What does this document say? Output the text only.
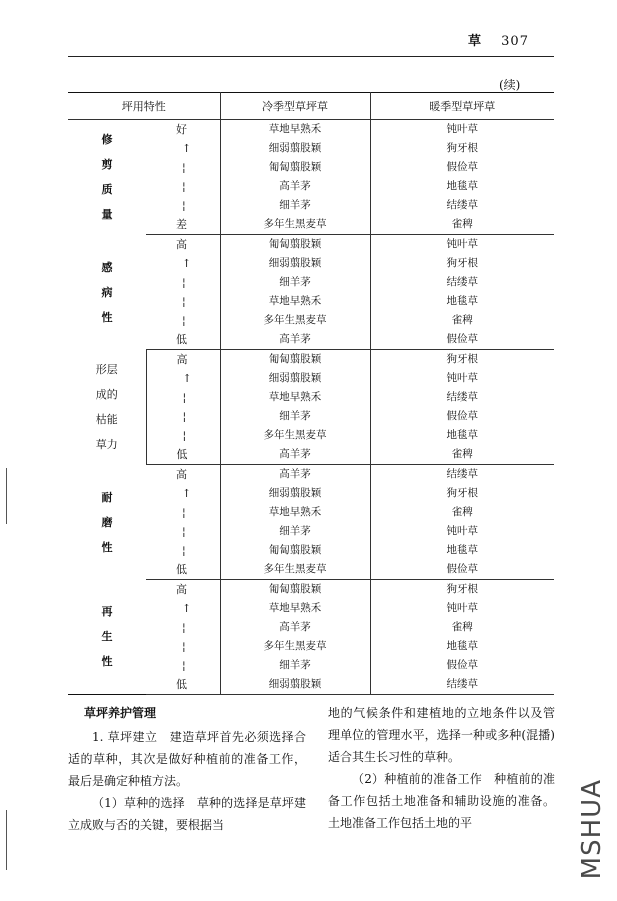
草 307
(续)
坪用特性		冷季型草坪草	暖季型草坪草

修
剪
质
量	好	草地早熟禾	钝叶草
	↑	细弱翦股颖	狗牙根
	¦	匍匐翦股颖	假俭草
	¦	高羊茅	地毯草
	¦	细羊茅	结缕草
	差	多年生黑麦草	雀稗

感
病
性	高	匍匐翦股颖	钝叶草
	↑	细弱翦股颖	狗牙根
	¦	细羊茅	结缕草
	¦	草地早熟禾	地毯草
	¦	多年生黑麦草	雀稗
	低	高羊茅	假俭草

形层
成的
枯能
草力	高	匍匐翦股颖	狗牙根
	↑	细弱翦股颖	钝叶草
	¦	草地早熟禾	结缕草
	¦	细羊茅	假俭草
	¦	多年生黑麦草	地毯草
	低	高羊茅	雀稗

耐
磨
性	高	高羊茅	结缕草
	↑	细弱翦股颖	狗牙根
	¦	草地早熟禾	雀稗
	¦	细羊茅	钝叶草
	¦	匍匐翦股颖	地毯草
	低	多年生黑麦草	假俭草

再
生
性	高	匍匐翦股颖	狗牙根
	↑	草地早熟禾	钝叶草
	¦	高羊茅	雀稗
	¦	多年生黑麦草	地毯草
	¦	细羊茅	假俭草
	低	细弱翦股颖	结缕草
草坪养护管理

1. 草坪建立　建造草坪首先必须选择合适的草种，其次是做好种植前的准备工作，最后是确定种植方法。

（1）草种的选择　草种的选择是草坪建立成败与否的关键，要根据当

地的气候条件和建植地的立地条件以及管理单位的管理水平，选择一种或多种(混播)适合其生长习性的草种。

（2）种植前的准备工作　种植前的准备工作包括土地准备和辅助设施的准备。土地准备工作包括土地的平	MSHUA
